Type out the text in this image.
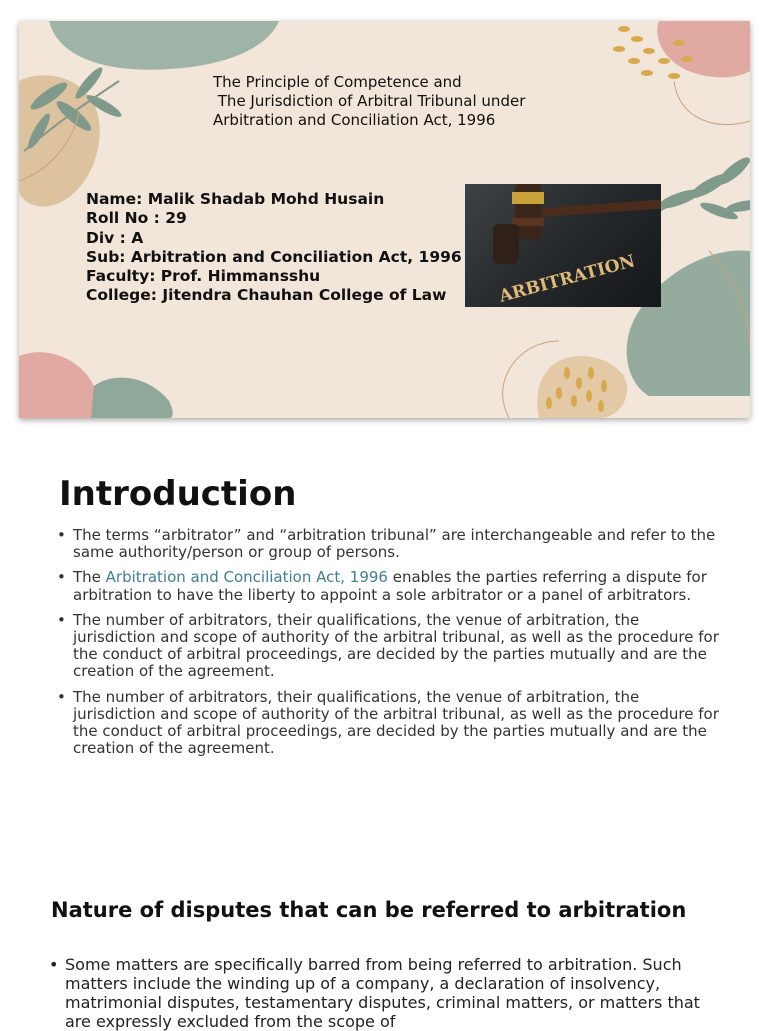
The Principle of Competence and
The Jurisdiction of Arbitral Tribunal under
Arbitration and Conciliation Act, 1996
Name: Malik Shadab Mohd Husain
Roll No : 29
Div : A
Sub: Arbitration and Conciliation Act, 1996
Faculty: Prof. Himmansshu
College: Jitendra Chauhan College of Law	ARBITRATION
Introduction
• The terms “arbitrator” and “arbitration tribunal” are interchangeable and refer to the same authority/person or group of persons.
• The Arbitration and Conciliation Act, 1996 enables the parties referring a dispute for arbitration to have the liberty to appoint a sole arbitrator or a panel of arbitrators.
• The number of arbitrators, their qualifications, the venue of arbitration, the jurisdiction and scope of authority of the arbitral tribunal, as well as the procedure for the conduct of arbitral proceedings, are decided by the parties mutually and are the creation of the agreement.
• The number of arbitrators, their qualifications, the venue of arbitration, the jurisdiction and scope of authority of the arbitral tribunal, as well as the procedure for the conduct of arbitral proceedings, are decided by the parties mutually and are the creation of the agreement.
Nature of disputes that can be referred to arbitration
• Some matters are specifically barred from being referred to arbitration. Such matters include the winding up of a company, a declaration of insolvency, matrimonial disputes, testamentary disputes, criminal matters, or matters that are expressly excluded from the scope of
